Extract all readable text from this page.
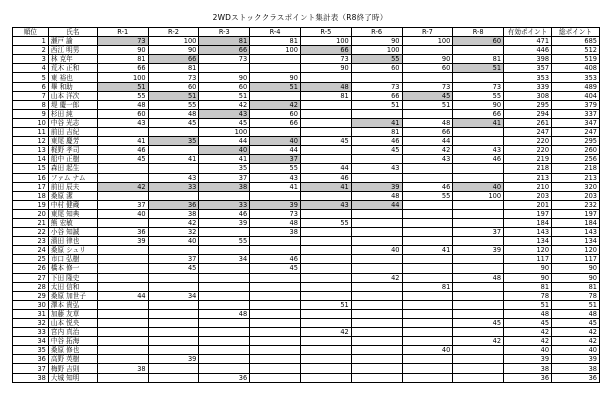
2WDストッククラスポイント集計表（R8終了時）
順位	氏名	R-1	R-2	R-3	R-4	R-5	R-6	R-7	R-8	有効ポイント	総ポイント
1	瀬戸 諭	73	100	81	81	100	90	100	60	471	685
2	西江 明男	90	90	66	100	66	100			446	512
3	林 克年	81	66	73		73	55	90	81	398	519
4	荒木 正和	66	81			90	60	60	51	357	408
5	東 裕也	100	73	90	90					353	353
6	畢 和助	51	60	60	51	48	73	73	73	339	489
7	山本 洋次	55	51	51		81	66	45	55	308	404
8	堤 慶一郎	48	55	42	42		51	51	90	295	379
9	杉田 純	60	48	43	60				66	294	337
10	中谷 光志	43	45	45	66		41	48	41	261	347
11	前田 吉紀			100			81	66		247	247
12	東尾 慶芳	41	35	44	40	45	46	44		220	295
13	梶野 孝司	46		40	44		45	42	43	220	260
14	船中 正樹	45	41	41	37			43	46	219	256
15	森田 起生			35	55	44	43			218	218
16	ファム ナム		43	37	43	46				213	213
17	前田 辰夫	42	33	38	41	41	39	46	40	210	320
18	桑原 潔						48	55	100	203	203
19	中村 健蔵	37	36	33	39	43	44			201	232
20	東尾 知典	40	38	46	73					197	197
21	熊 宏敏		42	39	48	55				184	184
22	小谷 知誠	36	32		38				37	143	143
23	濱田 律也	39	40	55						134	134
24	桑原 シュリ						40	41	39	120	120
25	市口 弘樹		37	34	46					117	117
26	橋本 修一		45		45					90	90
27	下田 隆史						42		48	90	90
28	太田 信和							81		81	81
29	桑原 加世子	44	34							78	78
30	澤本 貴弘					51				51	51
31	加藤 友草			48						48	48
32	山本 悦央								45	45	45
33	宮内 真治					42				42	42
34	中谷 拓海								42	42	42
35	桑原 修也							40		40	40
36	高野 英樹		39							39	39
37	梅野 吉則	38								38	38
38	大城 知明			36						36	36
